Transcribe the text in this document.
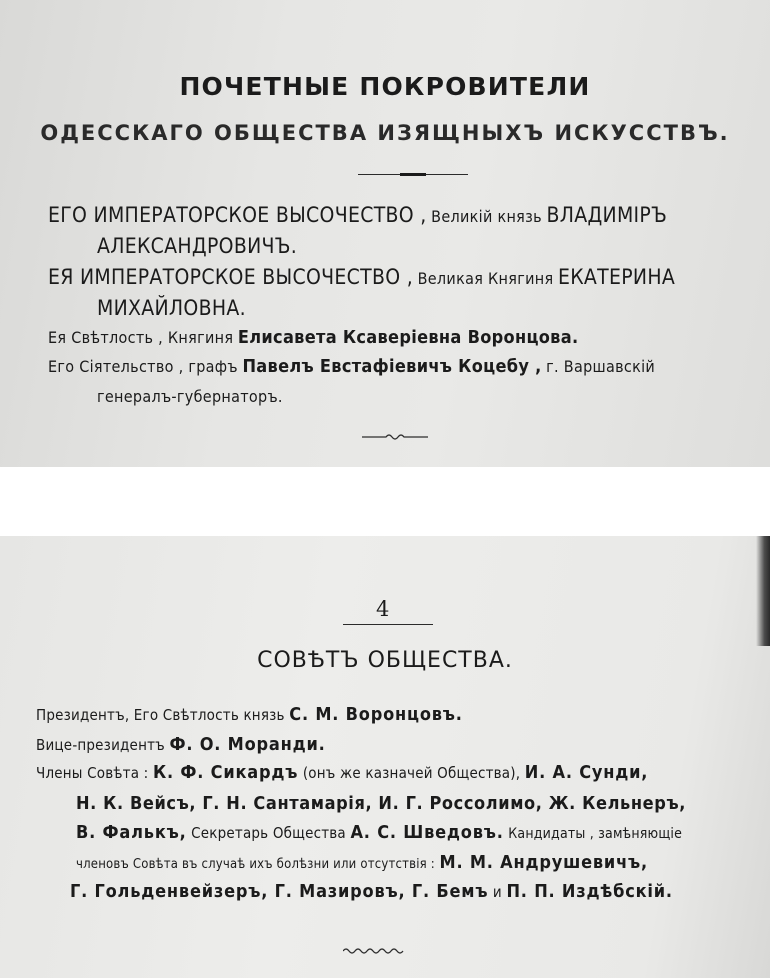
ПОЧЕТНЫЕ ПОКРОВИТЕЛИ
ОДЕССКАГО ОБЩЕСТВА ИЗЯЩНЫХЪ ИСКУССТВЪ.
ЕГО ИМПЕРАТОРСКОЕ ВЫСОЧЕСТВО , Великій князь ВЛАДИМІРЪ
АЛЕКСАНДРОВИЧЪ.
ЕЯ ИМПЕРАТОРСКОЕ ВЫСОЧЕСТВО , Великая Княгиня ЕКАТЕРИНА
МИХАЙЛОВНА.
Ея Свѣтлость , Княгиня Елисавета Ксаверіевна Воронцова.
Его Сіятельство , графъ Павелъ Евстафіевичъ Коцебу , г. Варшавскій
генералъ-губернаторъ.
4
СОВѢТЪ ОБЩЕСТВА.
Президентъ, Его Свѣтлость князь С. М. Воронцовъ.
Вице-президентъ Ф. О. Моранди.
Члены Совѣта : К. Ф. Сикардъ (онъ же казначей Общества), И. А. Сунди,
Н. К. Вейсъ, Г. Н. Сантамарія, И. Г. Россолимо, Ж. Кельнеръ,
В. Фалькъ, Секретарь Общества А. С. Шведовъ. Кандидаты , замѣняющіе
членовъ Совѣта въ случаѣ ихъ болѣзни или отсутствія : М. М. Андрушевичъ,
Г. Гольденвейзеръ, Г. Мазировъ, Г. Бемъ и П. П. Издѣбскій.
